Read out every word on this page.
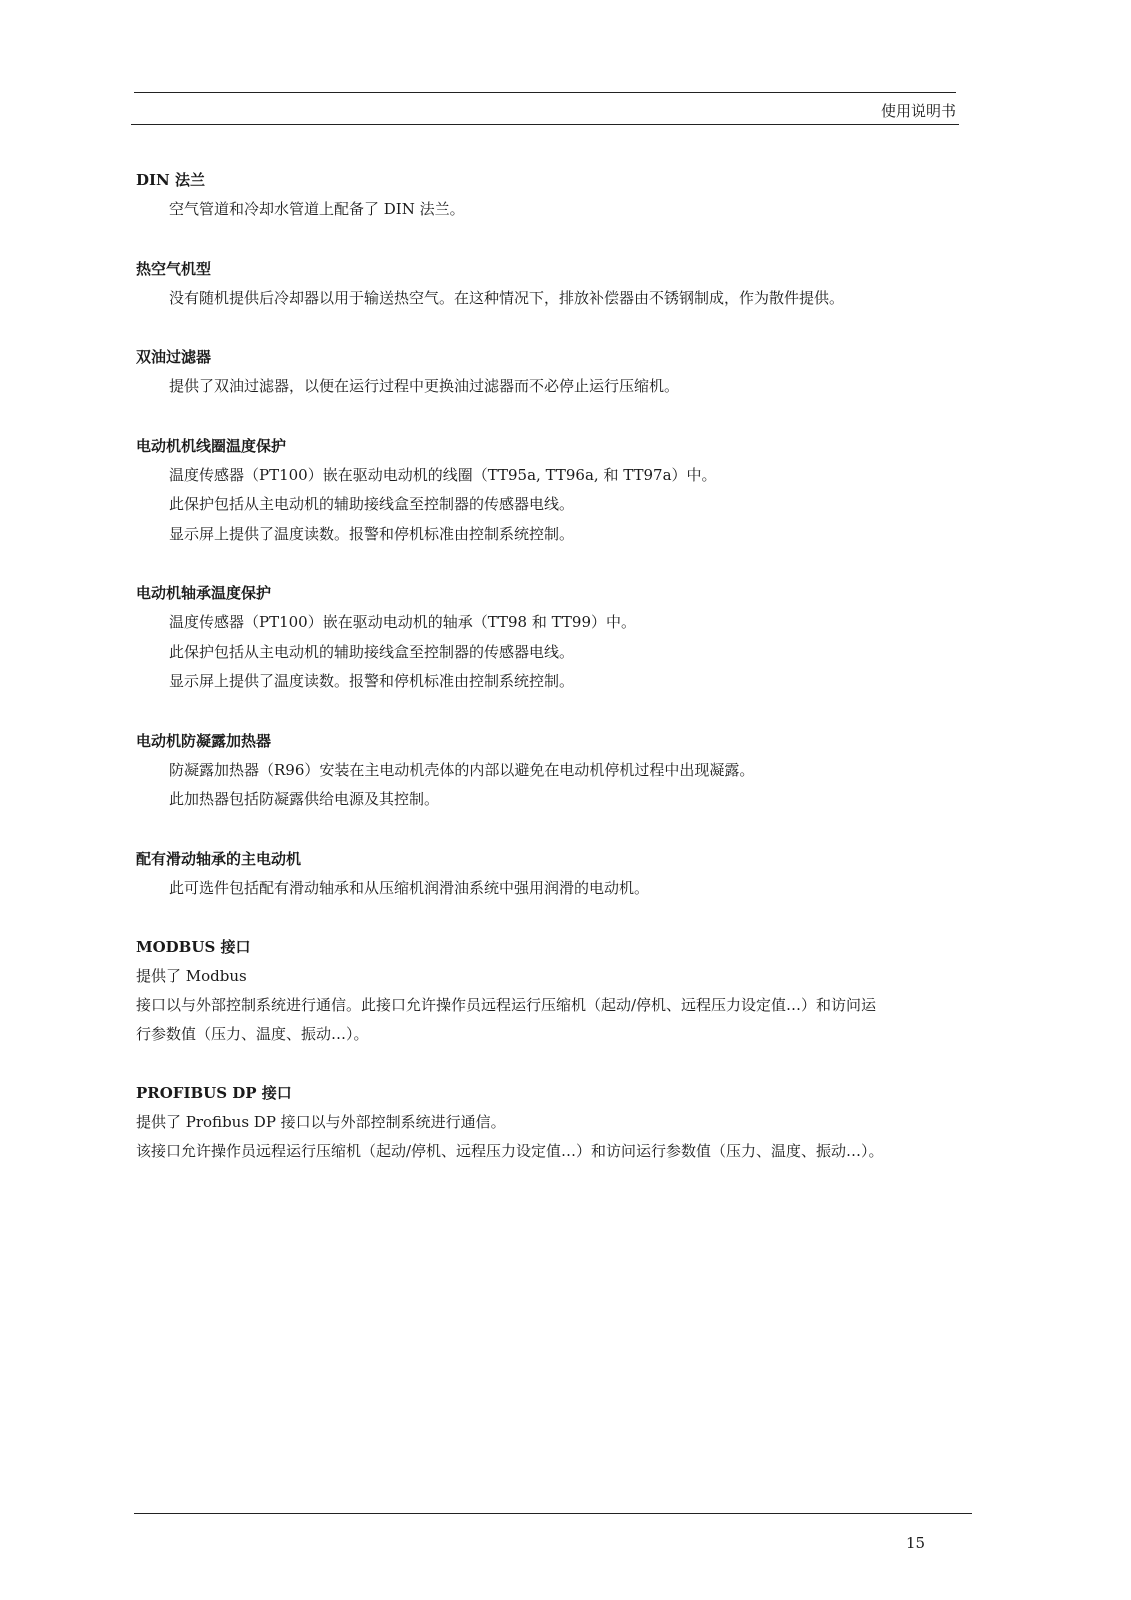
使用说明书
DIN 法兰

空气管道和冷却水管道上配备了 DIN 法兰。

热空气机型

没有随机提供后冷却器以用于输送热空气。在这种情况下，排放补偿器由不锈钢制成，作为散件提供。

双油过滤器

提供了双油过滤器，以便在运行过程中更换油过滤器而不必停止运行压缩机。

电动机机线圈温度保护

温度传感器（PT100）嵌在驱动电动机的线圈（TT95a, TT96a, 和 TT97a）中。

此保护包括从主电动机的辅助接线盒至控制器的传感器电线。

显示屏上提供了温度读数。报警和停机标准由控制系统控制。

电动机轴承温度保护

温度传感器（PT100）嵌在驱动电动机的轴承（TT98 和 TT99）中。

此保护包括从主电动机的辅助接线盒至控制器的传感器电线。

显示屏上提供了温度读数。报警和停机标准由控制系统控制。

电动机防凝露加热器

防凝露加热器（R96）安装在主电动机壳体的内部以避免在电动机停机过程中出现凝露。

此加热器包括防凝露供给电源及其控制。

配有滑动轴承的主电动机

此可选件包括配有滑动轴承和从压缩机润滑油系统中强用润滑的电动机。

MODBUS 接口

提供了 Modbus

接口以与外部控制系统进行通信。此接口允许操作员远程运行压缩机（起动/停机、远程压力设定值…）和访问运

行参数值（压力、温度、振动…）。

PROFIBUS DP 接口

提供了 Profibus DP 接口以与外部控制系统进行通信。

该接口允许操作员远程运行压缩机（起动/停机、远程压力设定值…）和访问运行参数值（压力、温度、振动…）。

15
